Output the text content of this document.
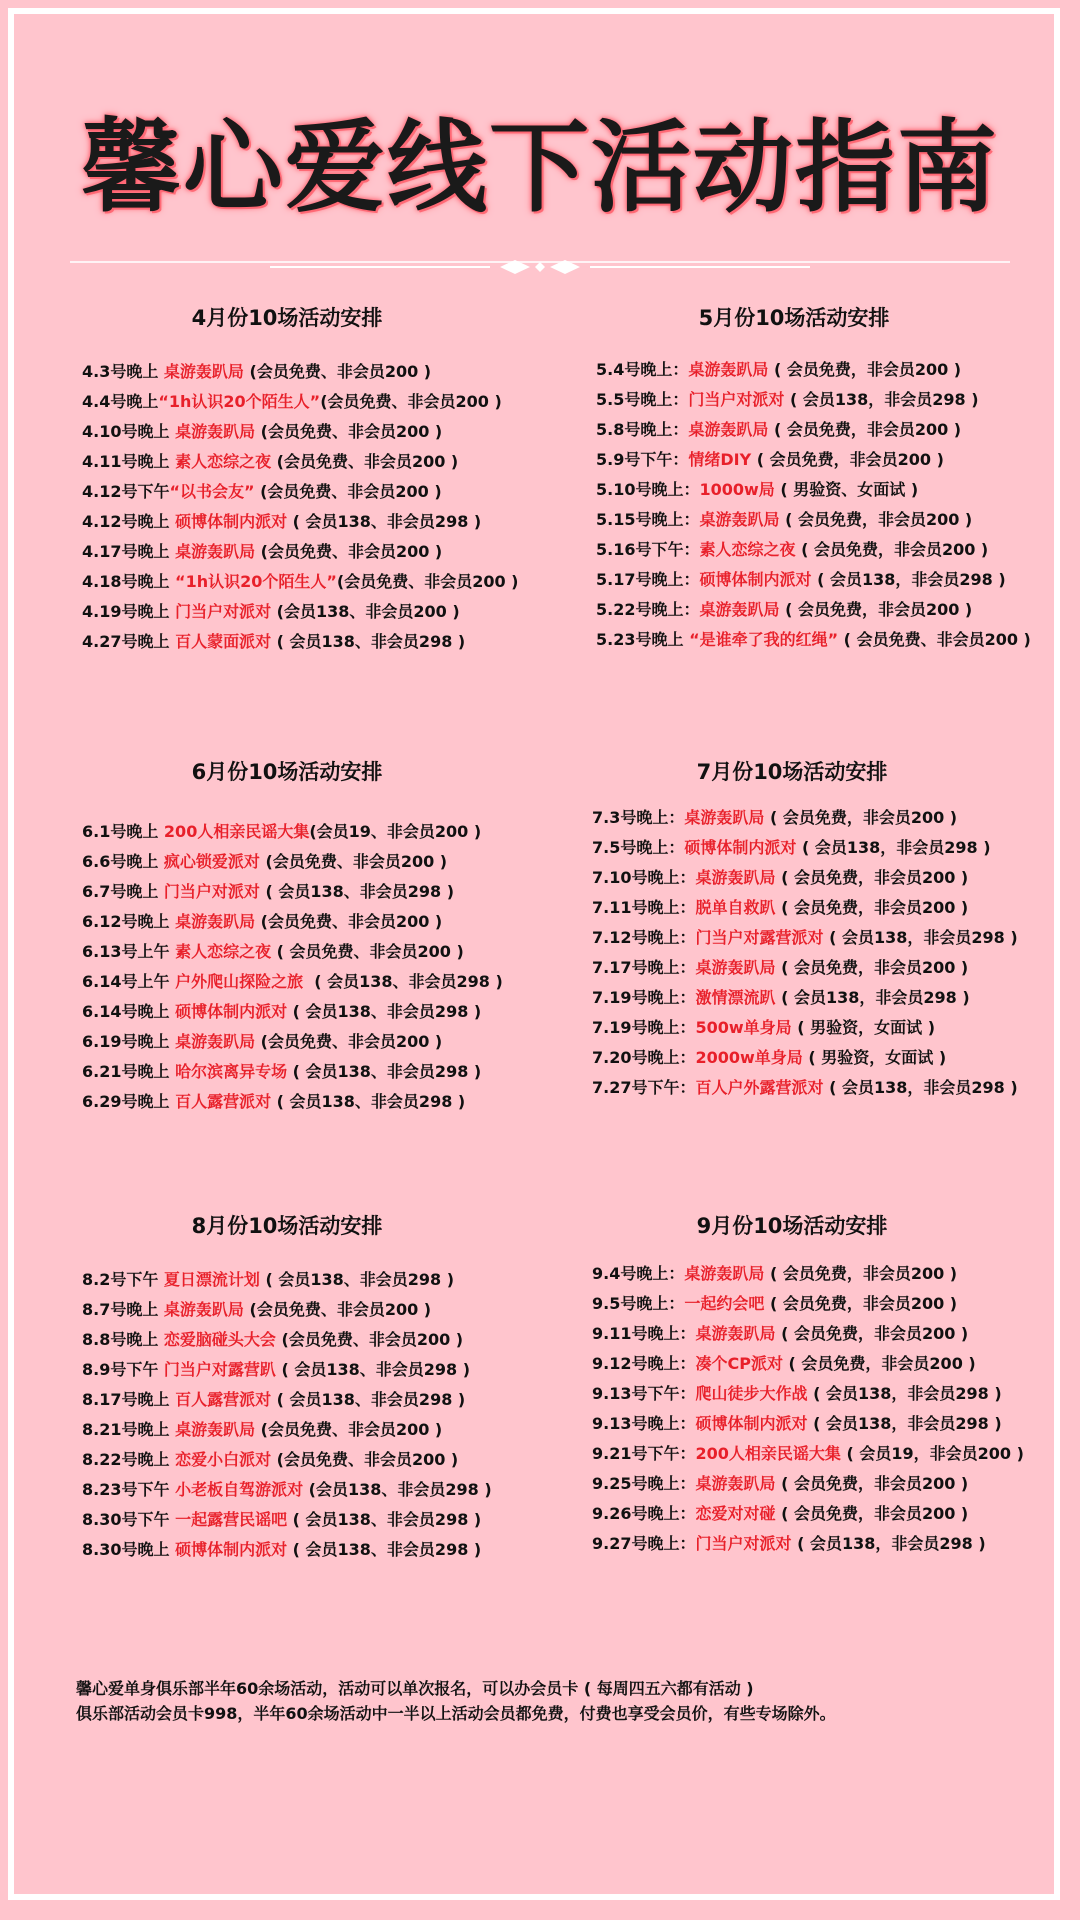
馨心爱线下活动指南
4月份10场活动安排
4.3号晚上 桌游轰趴局 (会员免费、非会员200 )
4.4号晚上“1h认识20个陌生人”(会员免费、非会员200 )
4.10号晚上 桌游轰趴局 (会员免费、非会员200 )
4.11号晚上 素人恋综之夜 (会员免费、非会员200 )
4.12号下午“以书会友” (会员免费、非会员200 )
4.12号晚上 硕博体制内派对 ( 会员138、非会员298 )
4.17号晚上 桌游轰趴局 (会员免费、非会员200 )
4.18号晚上 “1h认识20个陌生人”(会员免费、非会员200 )
4.19号晚上 门当户对派对 (会员138、非会员200 )
4.27号晚上 百人蒙面派对 ( 会员138、非会员298 )
5月份10场活动安排
5.4号晚上：桌游轰趴局 ( 会员免费，非会员200 )
5.5号晚上：门当户对派对 ( 会员138，非会员298 )
5.8号晚上：桌游轰趴局 ( 会员免费，非会员200 )
5.9号下午：情绪DIY ( 会员免费，非会员200 )
5.10号晚上：1000w局 ( 男验资、女面试 )
5.15号晚上：桌游轰趴局 ( 会员免费，非会员200 )
5.16号下午：素人恋综之夜 ( 会员免费，非会员200 )
5.17号晚上：硕博体制内派对 ( 会员138，非会员298 )
5.22号晚上：桌游轰趴局 ( 会员免费，非会员200 )
5.23号晚上 “是谁牵了我的红绳” ( 会员免费、非会员200 )
6月份10场活动安排
6.1号晚上 200人相亲民谣大集(会员19、非会员200 )
6.6号晚上 疯心锁爱派对 (会员免费、非会员200 )
6.7号晚上 门当户对派对 ( 会员138、非会员298 )
6.12号晚上 桌游轰趴局 (会员免费、非会员200 )
6.13号上午 素人恋综之夜 ( 会员免费、非会员200 )
6.14号上午 户外爬山探险之旅  ( 会员138、非会员298 )
6.14号晚上 硕博体制内派对 ( 会员138、非会员298 )
6.19号晚上 桌游轰趴局 (会员免费、非会员200 )
6.21号晚上 哈尔滨离异专场 ( 会员138、非会员298 )
6.29号晚上 百人露营派对 ( 会员138、非会员298 )
7月份10场活动安排
7.3号晚上：桌游轰趴局 ( 会员免费，非会员200 )
7.5号晚上：硕博体制内派对 ( 会员138，非会员298 )
7.10号晚上：桌游轰趴局 ( 会员免费，非会员200 )
7.11号晚上：脱单自救趴 ( 会员免费，非会员200 )
7.12号晚上：门当户对露营派对 ( 会员138，非会员298 )
7.17号晚上：桌游轰趴局 ( 会员免费，非会员200 )
7.19号晚上：激情漂流趴 ( 会员138，非会员298 )
7.19号晚上：500w单身局 ( 男验资，女面试 )
7.20号晚上：2000w单身局 ( 男验资，女面试 )
7.27号下午：百人户外露营派对 ( 会员138，非会员298 )
8月份10场活动安排
8.2号下午 夏日漂流计划 ( 会员138、非会员298 )
8.7号晚上 桌游轰趴局 (会员免费、非会员200 )
8.8号晚上 恋爱脑碰头大会 (会员免费、非会员200 )
8.9号下午 门当户对露营趴 ( 会员138、非会员298 )
8.17号晚上 百人露营派对 ( 会员138、非会员298 )
8.21号晚上 桌游轰趴局 (会员免费、非会员200 )
8.22号晚上 恋爱小白派对 (会员免费、非会员200 )
8.23号下午 小老板自驾游派对 (会员138、非会员298 )
8.30号下午 一起露营民谣吧 ( 会员138、非会员298 )
8.30号晚上 硕博体制内派对 ( 会员138、非会员298 )
9月份10场活动安排
9.4号晚上：桌游轰趴局 ( 会员免费，非会员200 )
9.5号晚上：一起约会吧 ( 会员免费，非会员200 )
9.11号晚上：桌游轰趴局 ( 会员免费，非会员200 )
9.12号晚上：凑个CP派对 ( 会员免费，非会员200 )
9.13号下午：爬山徒步大作战 ( 会员138，非会员298 )
9.13号晚上：硕博体制内派对 ( 会员138，非会员298 )
9.21号下午：200人相亲民谣大集 ( 会员19，非会员200 )
9.25号晚上：桌游轰趴局 ( 会员免费，非会员200 )
9.26号晚上：恋爱对对碰 ( 会员免费，非会员200 )
9.27号晚上：门当户对派对 ( 会员138，非会员298 )
馨心爱单身俱乐部半年60余场活动，活动可以单次报名，可以办会员卡 ( 每周四五六都有活动 )
俱乐部活动会员卡998，半年60余场活动中一半以上活动会员都免费，付费也享受会员价，有些专场除外。
